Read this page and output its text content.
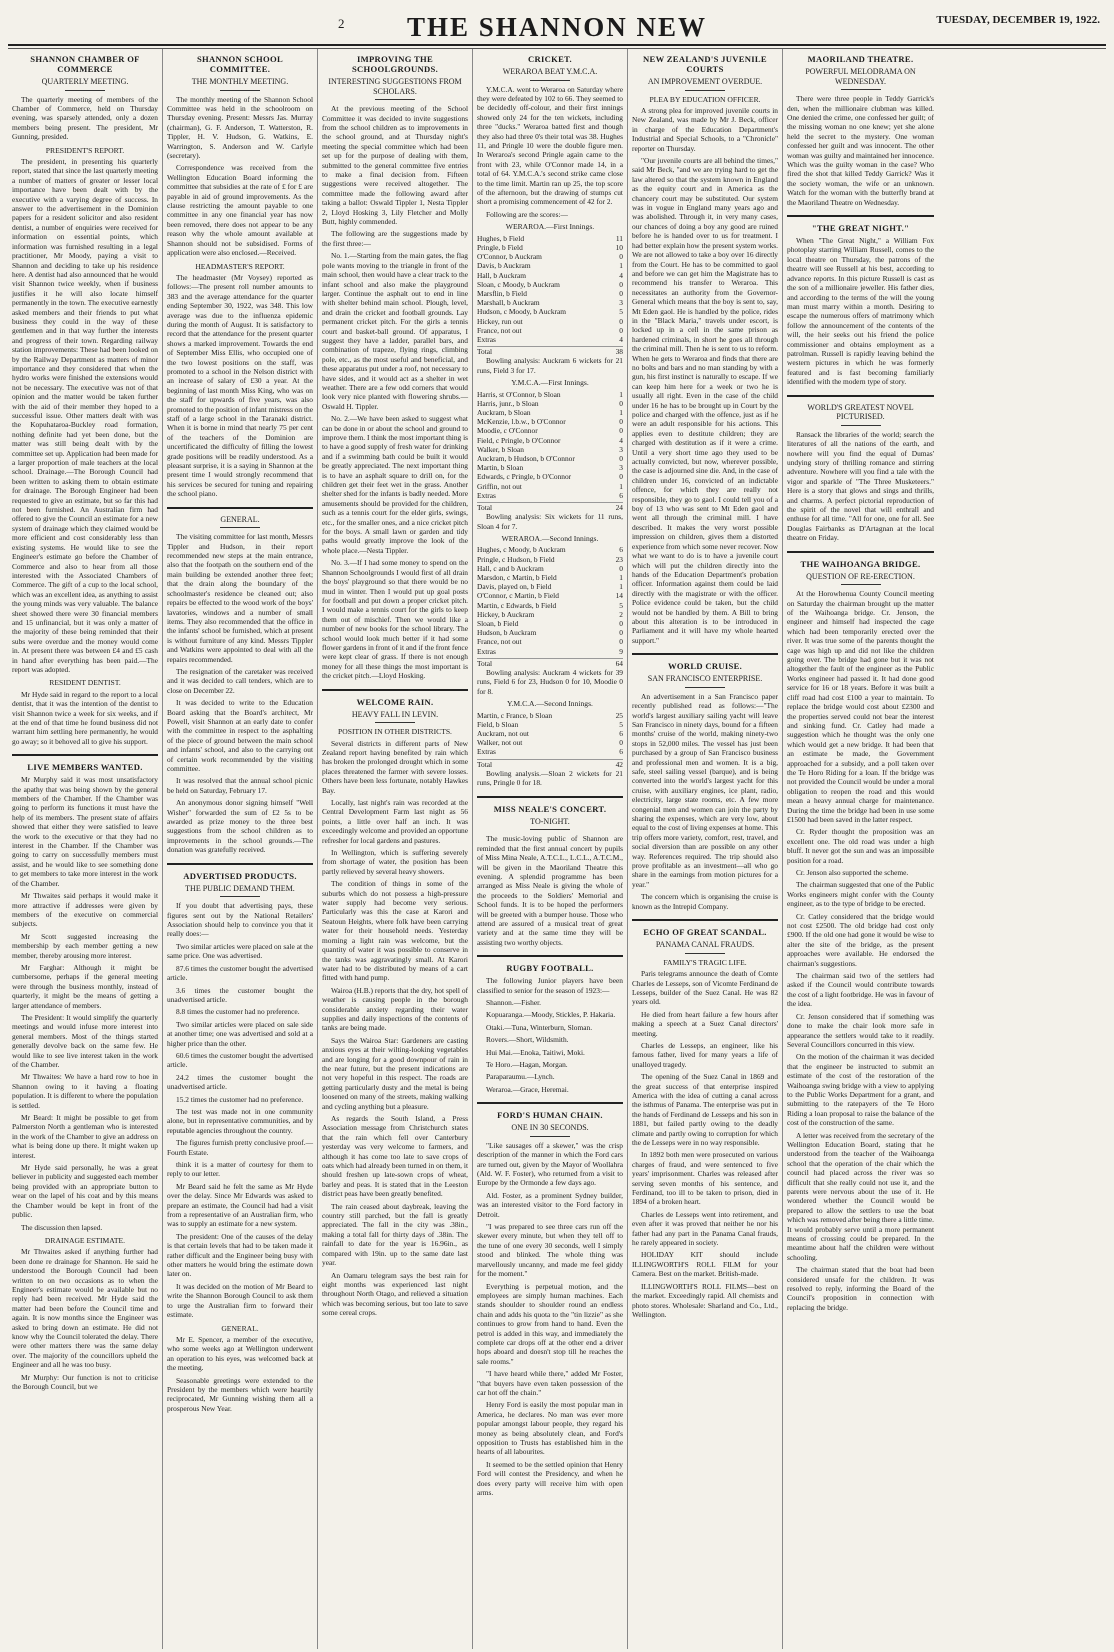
2	THE SHANNON NEW	TUESDAY, DECEMBER 19, 1922.
SHANNON CHAMBER OF COMMERCE
QUARTERLY MEETING.

The quarterly meeting of members of the Chamber of Commerce, held on Thursday evening, was sparsely attended, only a dozen members being present. The president, Mr Gunning, presided.

PRESIDENT'S REPORT.

The president, in presenting his quarterly report, stated that since the last quarterly meeting a number of matters of greater or lesser local importance have been dealt with by the executive with a varying degree of success. In answer to the advertisement in the Dominion papers for a resident solicitor and also resident dentist, a number of enquiries were received for information on essential points, which information was furnished resulting in a legal practitioner, Mr Moody, paying a visit to Shannon and deciding to take up his residence here. A dentist had also announced that he would visit Shannon twice weekly, when if business justifies it he will also locate himself permanently in the town. The executive earnestly asked members and their friends to put what business they could in the way of these gentlemen and in that way further the interests and progress of their town. Regarding railway station improvements: These had been looked on by the Railway Department as matters of minor importance and they considered that when the hydro works were finished the extensions would not be necessary. The executive was not of that opinion and the matter would be taken further with the aid of their member they hoped to a successful issue. Other matters dealt with was the Kopuhataroa-Buckley road formation, nothing definite had yet been done, but the matter was still being dealt with by the committee set up. Application had been made for a larger proportion of male teachers at the local school. Drainage.—The Borough Council had been written to asking them to obtain estimate for drainage. The Borough Engineer had been requested to give an estimate, but so far this had not been furnished. An Australian firm had offered to give the Council an estimate for a new system of drainage which they claimed would be more efficient and cost considerably less than existing systems. He would like to see the Engineer's estimate go before the Chamber of Commerce and also to hear from all those interested with the Associated Chambers of Commerce. The gift of a cup to the local school, which was an excellent idea, as anything to assist the young minds was very valuable. The balance sheet showed there were 30 financial members and 15 unfinancial, but it was only a matter of the majority of these being reminded that their subs were overdue and the money would come in. At present there was between £4 and £5 cash in hand after everything has been paid.—The report was adopted.

RESIDENT DENTIST.

Mr Hyde said in regard to the report to a local dentist, that it was the intention of the dentist to visit Shannon twice a week for six weeks, and if at the end of that time he found business did not warrant him settling here permanently, he would go away; so it behoved all to give his support.

LIVE MEMBERS WANTED.

Mr Murphy said it was most unsatisfactory the apathy that was being shown by the general members of the Chamber. If the Chamber was going to perform its functions it must have the help of its members. The present state of affairs showed that either they were satisfied to leave the work to the executive or that they had no interest in the Chamber. If the Chamber was going to carry on successfully members must assist, and he would like to see something done to get members to take more interest in the work of the Chamber.

Mr Thwaites said perhaps it would make it more attractive if addresses were given by members of the executive on commercial subjects.

Mr Scott suggested increasing the membership by each member getting a new member, thereby arousing more interest.

Mr Farghar: Although it might be cumbersome, perhaps if the general meeting were through the business monthly, instead of quarterly, it might be the means of getting a larger attendance of members.

The President: It would simplify the quarterly meetings and would infuse more interest into general members. Most of the things started generally devolve back on the same few. He would like to see live interest taken in the work of the Chamber.

Mr Thwaites: We have a hard row to hoe in Shannon owing to it having a floating population. It is different to where the population is settled.

Mr Beard: It might be possible to get from Palmerston North a gentleman who is interested in the work of the Chamber to give an address on what is being done up there. It might waken up interest.

Mr Hyde said personally, he was a great believer in publicity and suggested each member being provided with an appropriate button to wear on the lapel of his coat and by this means the Chamber would be kept in front of the public.

The discussion then lapsed.

DRAINAGE ESTIMATE.

Mr Thwaites asked if anything further had been done re drainage for Shannon. He said he understood the Borough Council had been written to on two occasions as to when the Engineer's estimate would be available but no reply had been received. Mr Hyde said the matter had been before the Council time and again. It is now months since the Engineer was asked to bring down an estimate. He did not know why the Council tolerated the delay. There were other matters there was the same delay over. The majority of the councillors upheld the Engineer and all he was too busy.

Mr Murphy: Our function is not to criticise the Borough Council, but we

SHANNON SCHOOL COMMITTEE.
THE MONTHLY MEETING.

The monthly meeting of the Shannon School Committee was held in the schoolroom on Thursday evening. Present: Messrs Jas. Murray (chairman), G. F. Anderson, T. Watterston, R. Tippler, H. V. Hudson, G. Watkins, E. Warrington, S. Anderson and W. Carlyle (secretary).

Correspondence was received from the Wellington Education Board informing the committee that subsidies at the rate of £ for £ are payable in aid of ground improvements. As the clause restricting the amount payable to one committee in any one financial year has now been removed, there does not appear to be any reason why the whole amount available at Shannon should not be subsidised. Forms of application were also enclosed.—Received.

HEADMASTER'S REPORT.

The headmaster (Mr Voysey) reported as follows:—The present roll number amounts to 383 and the average attendance for the quarter ending September 30, 1922, was 348. This low average was due to the influenza epidemic during the month of August. It is satisfactory to record that the attendance for the present quarter shows a marked improvement. Towards the end of September Miss Ellis, who occupied one of the two lowest positions on the staff, was promoted to a school in the Nelson district with an increase of salary of £30 a year. At the beginning of last month Miss King, who was on the staff for upwards of five years, was also promoted to the position of infant mistress on the staff of a large school in the Taranaki district. When it is borne in mind that nearly 75 per cent of the teachers of the Dominion are uncertificated the difficulty of filling the lowest grade positions will be readily understood. As a pleasant surprise, it is a saying in Shannon at the present time I would strongly recommend that his services be secured for tuning and repairing the school piano.

GENERAL.

The visiting committee for last month, Messrs Tippler and Hudson, in their report recommended new steps at the main entrance, also that the footpath on the southern end of the main building be extended another three feet; that the drain along the boundary of the schoolmaster's residence be cleaned out; also repairs be effected to the wood work of the boys' lavatories, windows and a number of small items. They also recommended that the office in the infants' school be furnished, which at present is without furniture of any kind. Messrs Tippler and Watkins were appointed to deal with all the repairs recommended.

The resignation of the caretaker was received and it was decided to call tenders, which are to close on December 22.

It was decided to write to the Education Board asking that the Board's architect, Mr Powell, visit Shannon at an early date to confer with the committee in respect to the asphalting of the piece of ground between the main school and infants' school, and also to the carrying out of certain work recommended by the visiting committee.

It was resolved that the annual school picnic be held on Saturday, February 17.

An anonymous donor signing himself "Well Wisher" forwarded the sum of £2 5s to be awarded as prize money to the three best suggestions from the school children as to improvements in the school grounds.—The donation was gratefully received.

ADVERTISED PRODUCTS.
THE PUBLIC DEMAND THEM.

If you doubt that advertising pays, these figures sent out by the National Retailers' Association should help to convince you that it really does:—

Two similar articles were placed on sale at the same price. One was advertised.

87.6 times the customer bought the advertised article.

3.6 times the customer bought the unadvertised article.

8.8 times the customer had no preference.

Two similar articles were placed on sale side at another time; one was advertised and sold at a higher price than the other.

60.6 times the customer bought the advertised article.

24.2 times the customer bought the unadvertised article.

15.2 times the customer had no preference.

The test was made not in one community alone, but in representative communities, and by reputable agencies throughout the country.

The figures furnish pretty conclusive proof.—Fourth Estate.

think it is a matter of courtesy for them to reply to our letter.

Mr Beard said he felt the same as Mr Hyde over the delay. Since Mr Edwards was asked to prepare an estimate, the Council had had a visit from a representative of an Australian firm, who was to supply an estimate for a new system.

The president: One of the causes of the delay is that certain levels that had to be taken made it rather difficult and the Engineer being busy with other matters he would bring the estimate down later on.

It was decided on the motion of Mr Beard to write the Shannon Borough Council to ask them to urge the Australian firm to forward their estimate.

GENERAL.

Mr E. Spencer, a member of the executive, who some weeks ago at Wellington underwent an operation to his eyes, was welcomed back at the meeting.

Seasonable greetings were extended to the President by the members which were heartily reciprocated, Mr Gunning wishing them all a prosperous New Year.

IMPROVING THE SCHOOLGROUNDS.
INTERESTING SUGGESTIONS FROM SCHOLARS.

At the previous meeting of the School Committee it was decided to invite suggestions from the school children as to improvements in the school ground, and at Thursday night's meeting the special committee which had been set up for the purpose of dealing with them, submitted to the general committee five entries to make a final decision from. Fifteen suggestions were received altogether. The committee made the following award after taking a ballot: Oswald Tippler 1, Nesta Tippler 2, Lloyd Hosking 3, Lily Fletcher and Molly Butt, highly commended.

The following are the suggestions made by the first three:—

No. 1.—Starting from the main gates, the flag pole wants moving to the triangle in front of the main school, then would have a clear track to the infant school and also make the playground larger. Continue the asphalt out to end in line with shelter behind main school. Plough, level, and drain the cricket and football grounds. Lay permanent cricket pitch. For the girls a tennis court and basket-ball ground. Of apparatus, I suggest they have a ladder, parallel bars, and combination of trapeze, flying rings, climbing pole, etc., as the most useful and beneficial, and these apparatus put under a roof, not necessary to have sides, and it would act as a shelter in wet weather. There are a few odd corners that would look very nice planted with flowering shrubs.—Oswald H. Tippler.

No. 2.—We have been asked to suggest what can be done in or about the school and ground to improve them. I think the most important thing is to have a good supply of fresh water for drinking and if a swimming bath could be built it would be greatly appreciated. The next important thing is to have an asphalt square to drill on, for the children get their feet wet in the grass. Another shelter shed for the infants is badly needed. More amusements should be provided for the children, such as a tennis court for the elder girls, swings, etc., for the smaller ones, and a nice cricket pitch for the boys. A small lawn or garden and tidy paths would greatly improve the look of the whole place.—Nesta Tippler.

No. 3.—If I had some money to spend on the Shannon Schoolgrounds I would first of all drain the boys' playground so that there would be no mud in winter. Then I would put up goal posts for football and put down a proper cricket pitch. I would make a tennis court for the girls to keep them out of mischief. Then we would like a number of new books for the school library. The school would look much better if it had some flower gardens in front of it and if the front fence were kept clear of grass. If there is not enough money for all these things the most important is the cricket pitch.—Lloyd Hosking.

WELCOME RAIN.
HEAVY FALL IN LEVIN.
POSITION IN OTHER DISTRICTS.

Several districts in different parts of New Zealand report having benefited by rain which has broken the prolonged drought which in some places threatened the farmer with severe losses. Others have been less fortunate, notably Hawkes Bay.

Locally, last night's rain was recorded at the Central Development Farm last night as 56 points, a little over half an inch. It was exceedingly welcome and provided an opportune refresher for local gardens and pastures.

In Wellington, which is suffering severely from shortage of water, the position has been partly relieved by several heavy showers.

The condition of things in some of the suburbs which do not possess a high-pressure water supply had become very serious. Particularly was this the case at Karori and Seatoun Heights, where folk have been carrying water for their household needs. Yesterday morning a light rain was welcome, but the quantity of water it was possible to conserve in the tanks was aggravatingly small. At Karori water had to be distributed by means of a cart fitted with hand pump.

Wairoa (H.B.) reports that the dry, hot spell of weather is causing people in the borough considerable anxiety regarding their water supplies and daily inspections of the contents of tanks are being made.

Says the Wairoa Star: Gardeners are casting anxious eyes at their wilting-looking vegetables and are longing for a good downpour of rain in the near future, but the present indications are not very hopeful in this respect. The roads are getting particularly dusty and the metal is being loosened on many of the streets, making walking and cycling anything but a pleasure.

As regards the South Island, a Press Association message from Christchurch states that the rain which fell over Canterbury yesterday was very welcome to farmers, and although it has come too late to save crops of oats which had already been turned in on them, it should freshen up late-sown crops of wheat, barley and peas. It is stated that in the Leeston district peas have been greatly benefited.

The rain ceased about daybreak, leaving the country still parched, but the fall is greatly appreciated. The fall in the city was .38in., making a total fall for thirty days of .38in. The rainfall to date for the year is 16.96in., as compared with 19in. up to the same date last year.

An Oamaru telegram says the best rain for eight months was experienced last night throughout North Otago, and relieved a situation which was becoming serious, but too late to save some cereal crops.

CRICKET.
WERAROA BEAT Y.M.C.A.

Y.M.C.A. went to Weraroa on Saturday where they were defeated by 102 to 66. They seemed to be decidedly off-colour, and their first innings showed only 24 for the ten wickets, including three "ducks." Weraroa batted first and though they also had three 0's their total was 38. Hughes 11, and Pringle 10 were the double figure men. In Weraroa's second Pringle again came to the front with 23, while O'Connor made 14, in a total of 64. Y.M.C.A.'s second strike came close to the time limit. Martin ran up 25, the top score of the afternoon, but the drawing of stumps cut short a promising commencement of 42 for 2.

Following are the scores:—

WERAROA.—First Innings.
Hughes, b Field	11
Pringle, b Field	10
O'Connor, b Auckram	0
Davis, b Auckram	1
Hall, b Auckram	4
Sloan, c Moody, b Auckram	0
Marsflin, b Field	0
Marshall, b Auckram	3
Hudson, c Moody, b Auckram	5
Hickey, run out	0
France, not out	0
Extras	4
Total	38

Bowling analysis: Auckram 6 wickets for 21 runs, Field 3 for 17.

Y.M.C.A.—First Innings.
Harris, st O'Connor, b Sloan	1
Harris, junr., b Sloan	0
Auckram, b Sloan	1
McKenzie, l.b.w., b O'Connor	0
Moodie, c O'Connor	0
Field, c Pringle, b O'Connor	4
Walker, b Sloan	3
Auckram, b Hudson, b O'Connor	0
Martin, b Sloan	3
Edwards, c Pringle, b O'Connor	0
Griffin, not out	1
Extras	6
Total	24

Bowling analysis: Six wickets for 11 runs, Sloan 4 for 7.

WERAROA.—Second Innings.
Hughes, c Moody, b Auckram	6
Pringle, c Hudson, b Field	23
Hall, c and b Auckram	0
Marsdon, c Martin, b Field	1
Davis, played on, b Field	1
O'Connor, c Martin, b Field	14
Martin, c Edwards, b Field	5
Hickey, b Auckram	2
Sloan, b Field	0
Hudson, b Auckram	0
France, not out	0
Extras	9
Total	64

Bowling analysis: Auckram 4 wickets for 39 runs, Field 6 for 23, Hudson 0 for 10, Moodie 0 for 8.

Y.M.C.A.—Second Innings.
Martin, c France, b Sloan	25
Field, b Sloan	5
Auckram, not out	6
Walker, not out	0
Extras	6
Total	42

Bowling analysis.—Sloan 2 wickets for 21 runs, Pringle 0 for 18.

MISS NEALE'S CONCERT.
TO-NIGHT.

The music-loving public of Shannon are reminded that the first annual concert by pupils of Miss Mina Neale, A.T.C.L., L.C.L., A.T.C.M., will be given in the Maoriland Theatre this evening. A splendid programme has been arranged as Miss Neale is giving the whole of the proceeds to the Soldiers' Memorial and School funds. It is to be hoped the performers will be greeted with a bumper house. Those who attend are assured of a musical treat of great variety and at the same time they will be assisting two worthy objects.

RUGBY FOOTBALL.

The following Junior players have been classified to senior for the season of 1923:—

Shannon.—Fisher.

Kopuaranga.—Moody, Stickles, P. Hakaria.

Otaki.—Tuna, Winterburn, Sloman.

Rovers.—Short, Wildsmith.

Hui Mai.—Enoka, Taitiwi, Moki.

Te Horo.—Hagan, Morgan.

Paraparaumu.—Lynch.

Weraroa.—Grace, Heremai.

FORD'S HUMAN CHAIN.
ONE IN 30 SECONDS.

"Like sausages off a skewer," was the crisp description of the manner in which the Ford cars are turned out, given by the Mayor of Woollahra (Ald. W. F. Foster), who returned from a visit to Europe by the Ormonde a few days ago.

Ald. Foster, as a prominent Sydney builder, was an interested visitor to the Ford factory in Detroit.

"I was prepared to see three cars run off the skewer every minute, but when they tell off to the tune of one every 30 seconds, well I simply stood and blinked. The whole thing was marvellously uncanny, and made me feel giddy for the moment."

Everything is perpetual motion, and the employees are simply human machines. Each stands shoulder to shoulder round an endless chain and adds his quota to the "tin lizzie" as she continues to grow from hand to hand. Even the petrol is added in this way, and immediately the complete car drops off at the other end a driver hops aboard and doesn't stop till he reaches the sale rooms."

"I have heard while there," added Mr Foster, "that buyers have even taken possession of the car hot off the chain."

Henry Ford is easily the most popular man in America, he declares. No man was ever more popular amongst labour people, they regard his money as being absolutely clean, and Ford's opposition to Trusts has established him in the hearts of all labourites.

It seemed to be the settled opinion that Henry Ford will contest the Presidency, and when he does every party will receive him with open arms.

NEW ZEALAND'S JUVENILE COURTS
AN IMPROVEMENT OVERDUE.
PLEA BY EDUCATION OFFICER.

A strong plea for improved juvenile courts in New Zealand, was made by Mr J. Beck, officer in charge of the Education Department's Industrial and Special Schools, to a "Chronicle" reporter on Thursday.

"Our juvenile courts are all behind the times," said Mr Beck, "and we are trying hard to get the law altered so that the system known in England as the equity court and in America as the chancery court may be substituted. Our system was in vogue in England many years ago and was abolished. Through it, in very many cases, our chances of doing a boy any good are ruined before he is handed over to us for treatment. I had better explain how the present system works. We are not allowed to take a boy over 16 directly from the Court. He has to be committed to gaol and before we can get him the Magistrate has to recommend his transfer to Weraroa. This necessitates an authority from the Governor-General which means that the boy is sent to, say, Mt Eden gaol. He is handled by the police, rides in the "Black Maria," travels under escort, is locked up in a cell in the same prison as hardened criminals, in short he goes all through the criminal mill. Then he is sent to us to reform. When he gets to Weraroa and finds that there are no bolts and bars and no man standing by with a gun, his first instinct is naturally to escape. If we can keep him here for a week or two he is usually all right. Even in the case of the child under 16 he has to be brought up in Court by the police and charged with the offence, just as if he were an adult responsible for his actions. This applies even to destitute children; they are charged with destitution as if it were a crime. Until a very short time ago they used to be actually convicted, but now, wherever possible, the case is adjourned sine die. And, in the case of children under 16, convicted of an indictable offence, for which they are really not responsible, they go to gaol. I could tell you of a boy of 13 who was sent to Mt Eden gaol and went all through the criminal mill. I have described. It makes the very worst possible impression on children, gives them a distorted experience from which some never recover. Now what we want to do is to have a juvenile court which will put the children directly into the hands of the Education Department's probation officer. Information against them could be laid directly with the magistrate or with the officer. Police evidence could be taken, but the child would not be handled by them. A Bill to bring about this alteration is to be introduced in Parliament and it will have my whole hearted support."

WORLD CRUISE.
SAN FRANCISCO ENTERPRISE.

An advertisement in a San Francisco paper recently published read as follows:—"The world's largest auxiliary sailing yacht will leave San Francisco in ninety days, bound for a fifteen months' cruise of the world, making ninety-two stops in 52,000 miles. The vessel has just been purchased by a group of San Francisco business and professional men and women. It is a big, safe, steel sailing vessel (barque), and is being converted into the world's largest yacht for this cruise, with auxiliary engines, ice plant, radio, electricity, large state rooms, etc. A few more congenial men and women can join the party by sharing the expenses, which are very low, about equal to the cost of living expenses at home. This trip offers more variety, comfort, rest, travel, and social diversion than are possible on any other way. References required. The trip should also prove profitable as an investment—all who go share in the earnings from motion pictures for a year."

The concern which is organising the cruise is known as the Intrepid Company.

ECHO OF GREAT SCANDAL.
PANAMA CANAL FRAUDS.
FAMILY'S TRAGIC LIFE.

Paris telegrams announce the death of Comte Charles de Lesseps, son of Vicomte Ferdinand de Lesseps, builder of the Suez Canal. He was 82 years old.

He died from heart failure a few hours after making a speech at a Suez Canal directors' meeting.

Charles de Lesseps, an engineer, like his famous father, lived for many years a life of unalloyed tragedy.

The opening of the Suez Canal in 1869 and the great success of that enterprise inspired America with the idea of cutting a canal across the isthmus of Panama. The enterprise was put in the hands of Ferdinand de Lesseps and his son in 1881, but failed partly owing to the deadly climate and partly owing to corruption for which the de Lesseps were in no way responsible.

In 1892 both men were prosecuted on various charges of fraud, and were sentenced to five years' imprisonment. Charles was released after serving seven months of his sentence, and Ferdinand, too ill to be taken to prison, died in 1894 of a broken heart.

Charles de Lesseps went into retirement, and even after it was proved that neither he nor his father had any part in the Panama Canal frauds, he rarely appeared in society.

HOLIDAY KIT should include ILLINGWORTH'S ROLL FILM for your Camera. Best on the market. British-made.

ILLINGWORTH'S ROLL FILMS—best on the market. Exceedingly rapid. All chemists and photo stores. Wholesale: Sharland and Co., Ltd., Wellington.

MAORILAND THEATRE.
POWERFUL MELODRAMA ON WEDNESDAY.

There were three people in Teddy Garrick's den, when the millionaire clubman was killed. One denied the crime, one confessed her guilt; of the missing woman no one knew; yet she alone held the secret to the mystery. One woman confessed her guilt and was innocent. The other woman was guilty and maintained her innocence. Which was the guilty woman in the case? Who fired the shot that killed Teddy Garrick? Was it the society woman, the wife or an unknown. Watch for the woman with the butterfly brand at the Maoriland Theatre on Wednesday.

"THE GREAT NIGHT."

When "The Great Night," a William Fox photoplay starring William Russell, comes to the local theatre on Thursday, the patrons of the theatre will see Russell at his best, according to advance reports. In this picture Russell is cast as the son of a millionaire jeweller. His father dies, and according to the terms of the will the young man must marry within a month. Desiring to escape the numerous offers of matrimony which follow the announcement of the contents of the will, the heir seeks out his friend the police commissioner and obtains employment as a patrolman. Russell is rapidly leaving behind the western pictures in which he was formerly featured and is fast becoming familiarly identified with the modern type of story.

WORLD'S GREATEST NOVEL PICTURISED.

Ransack the libraries of the world; search the literatures of all the nations of the earth, and nowhere will you find the equal of Dumas' undying story of thrilling romance and stirring adventure. Nowhere will you find a tale with the vigor and sparkle of "The Three Musketeers." Here is a story that glows and sings and thrills, and charms. A perfect pictorial reproduction of the spirit of the novel that will enthrall and enthuse for all time. "All for one, one for all. See Douglas Fairbanks as D'Artagnan at the local theatre on Friday.

THE WAIHOANGA BRIDGE.
QUESTION OF RE-ERECTION.

At the Horowhenua County Council meeting on Saturday the chairman brought up the matter of the Waihoanga bridge. Cr. Jenson, the engineer and himself had inspected the cage which had been temporarily erected over the river. It was true some of the parents thought the cage was high up and did not like the children going over. The bridge had gone but it was not altogether the fault of the engineer as the Public Works engineer had passed it. It had done good service for 16 or 18 years. Before it was built a cliff road had cost £100 a year to maintain. To replace the bridge would cost about £2300 and the properties served could not bear the interest and sinking fund. Cr. Catley had made a suggestion which he thought was the only one which would get a new bridge. It had been that an estimate be made, the Government approached for a subsidy, and a poll taken over the Te Horo Riding for a loan. If the bridge was not provided the Council would be under a moral obligation to reopen the road and this would mean a heavy annual charge for maintenance. During the time the bridge had been in use some £1500 had been saved in the latter respect.

Cr. Ryder thought the proposition was an excellent one. The old road was under a high bluff. It never got the sun and was an impossible position for a road.

Cr. Jenson also supported the scheme.

The chairman suggested that one of the Public Works engineers might confer with the County engineer, as to the type of bridge to be erected.

Cr. Catley considered that the bridge would not cost £2500. The old bridge had cost only £900. If the old one had gone it would be wise to alter the site of the bridge, as the present approaches were available. He endorsed the chairman's suggestions.

The chairman said two of the settlers had asked if the Council would contribute towards the cost of a light footbridge. He was in favour of the idea.

Cr. Jenson considered that if something was done to make the chair look more safe in appearance the settlers would take to it readily. Several Councillors concurred in this view.

On the motion of the chairman it was decided that the engineer be instructed to submit an estimate of the cost of the restoration of the Waihoanga swing bridge with a view to applying to the Public Works Department for a grant, and submitting to the ratepayers of the Te Horo Riding a loan proposal to raise the balance of the cost of the construction of the same.

A letter was received from the secretary of the Wellington Education Board, stating that he understood from the teacher of the Waihoanga school that the operation of the chair which the council had placed across the river was so difficult that she really could not use it, and the parents were nervous about the use of it. He wondered whether the Council would be prepared to allow the settlers to use the boat which was removed after being there a little time. It would probably serve until a more permanent means of crossing could be prepared. In the meantime about half the children were without schooling.

The chairman stated that the boat had been considered unsafe for the children. It was resolved to reply, informing the Board of the Council's proposition in connection with replacing the bridge.
